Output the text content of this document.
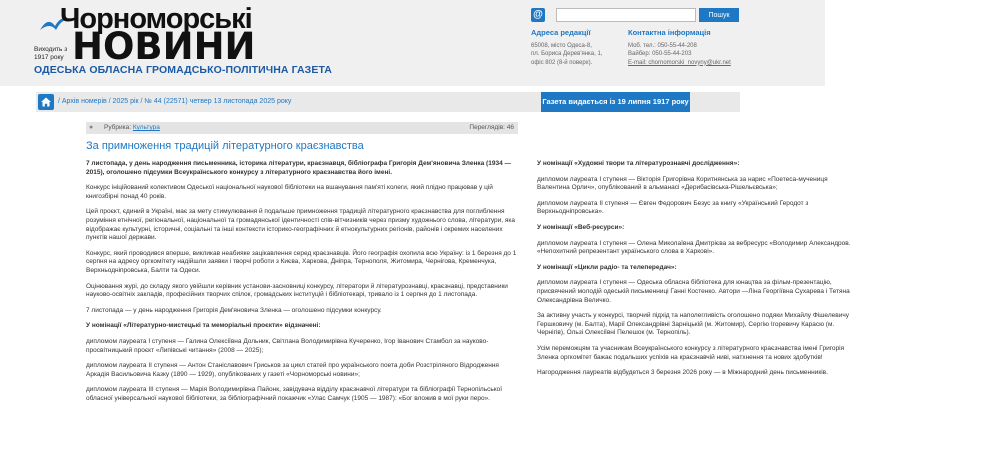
Чорноморські
НОВИНИ
Виходить з 1917 року
ОДЕСЬКА ОБЛАСНА ГРОМАДСЬКО-ПОЛІТИЧНА ГАЗЕТА
@	Пошук
Адреса редакції
65008, місто Одеса-8,
пл. Бориса Дерев'янка, 1,
офіс 802 (8-й поверх).
Контактна інформація
Моб. тел.: 050-55-44-208
Вайбер: 050-55-44-203
E-mail: chornomorski_novyny@ukr.net
/ Архів номерів / 2025 рік / № 44 (22571) четвер 13 листопада 2025 року	Газета видається із 19 липня 1917 року
●	Рубрика: Культура	Переглядів: 46
За примноження традицій літературного краєзнавства

7 листопада, у день народження письменника, історика літератури, краєзнавця, бібліографа Григорія Дем'яновича Зленка (1934 — 2015), оголошено підсумки Всеукраїнського конкурсу з літературного краєзнавства його імені.

Конкурс ініційований колективом Одеської національної наукової бібліотеки на вшанування пам'яті колеги, який плідно працював у цій книгозбірні понад 40 років.

Цей проєкт, єдиний в Україні, має за мету стимулювання й подальше примноження традицій літературного краєзнавства для поглиблення розуміння етнічної, регіональної, національної та громадянської ідентичності спів-вітчизників через призму художнього слова, літератури, яка відображає культурні, історичні, соціальні та інші контексти історико-географічних й етнокультурних регіонів, районів і окремих населених пунктів нашої держави.

Конкурс, який проводився вперше, викликав неабияке зацікавлення серед краєзнавців. Його географія охопила всю Україну: із 1 березня до 1 серпня на адресу оргкомітету надійшли заявки і творчі роботи з Києва, Харкова, Дніпра, Тернополя, Житомира, Чернігова, Кременчука, Верхньодніпровська, Балти та Одеси.

Оцінювання журі, до складу якого увійшли керівник установи-засновниці конкурсу, літератори й літературознавці, краєзнавці, представники науково-освітніх закладів, професійних творчих спілок, громадських інституцій і бібліотекарі, тривало із 1 серпня до 1 листопада.

7 листопада — у день народження Григорія Дем'яновича Зленка — оголошено підсумки конкурсу.

У номінації «Літературно-мистецькі та меморіальні проєкти» відзначені:

дипломом лауреата І ступеня — Галина Олексіївна Дольник, Світлана Володимирівна Кучеренко, Ігор Іванович Стамбол за науково-просвітницький проєкт «Липівські читання» (2008 — 2025);

дипломом лауреата ІІ ступеня — Антон Станіславович Гриськов за цикл статей про українського поета доби Розстріляного Відродження Аркадія Васильовича Казку (1890 — 1929), опублікованих у газеті «Чорноморські новини»;

дипломом лауреата ІІІ ступеня — Марія Володимирівна Пайонк, завідувача відділу краєзнавчої літератури та бібліографії Тернопільської обласної універсальної наукової бібліотеки, за бібліографічний покажчик «Улас Самчук (1905 — 1987): «Бог вложив в мої руки перо».

У номінації «Художні твори та літературознавчі дослідження»:

дипломом лауреата І ступеня — Вікторія Григорівна Коритнянська за нарис «Поетеса-мучениця Валентина Орлич», опублікований в альманасі «Дерибасівська-Рішельєвська»;

дипломом лауреата ІІ ступеня — Євген Федорович Безус за книгу «Український Геродот з Верхньодніпровська».

У номінації «Веб-ресурси»:

дипломом лауреата І ступеня — Олена Миколаївна Дмитрієва за вебресурс «Володимир Александров. «Непохитний репрезентант українського слова в Харкові».

У номінації «Цикли радіо- та телепередач»:

дипломом лауреата І ступеня — Одеська обласна бібліотека для юнацтва за фільм-презентацію, присвячений молодій одеській письменниці Ганні Костенко. Автори —Ліна Георгіївна Сухарева і Тетяна Олександрівна Величко.

За активну участь у конкурсі, творчий підхід та наполегливість оголошено подяки Михайлу Фішелевичу Гершковичу (м. Балта), Марії Олександрівні Зарніцькій (м. Житомир), Сергію Ігоревичу Карасю (м. Чернігів), Ользі Олексіївні Пелешок (м. Тернопіль).

Усім переможцям та учасникам Всеукраїнського конкурсу з літературного краєзнавства імені Григорія Зленка оргкомітет бажає подальших успіхів на краєзнавчій ниві, натхнення та нових здобутків!

Нагородження лауреатів відбудеться 3 березня 2026 року — в Міжнародний день письменників.
